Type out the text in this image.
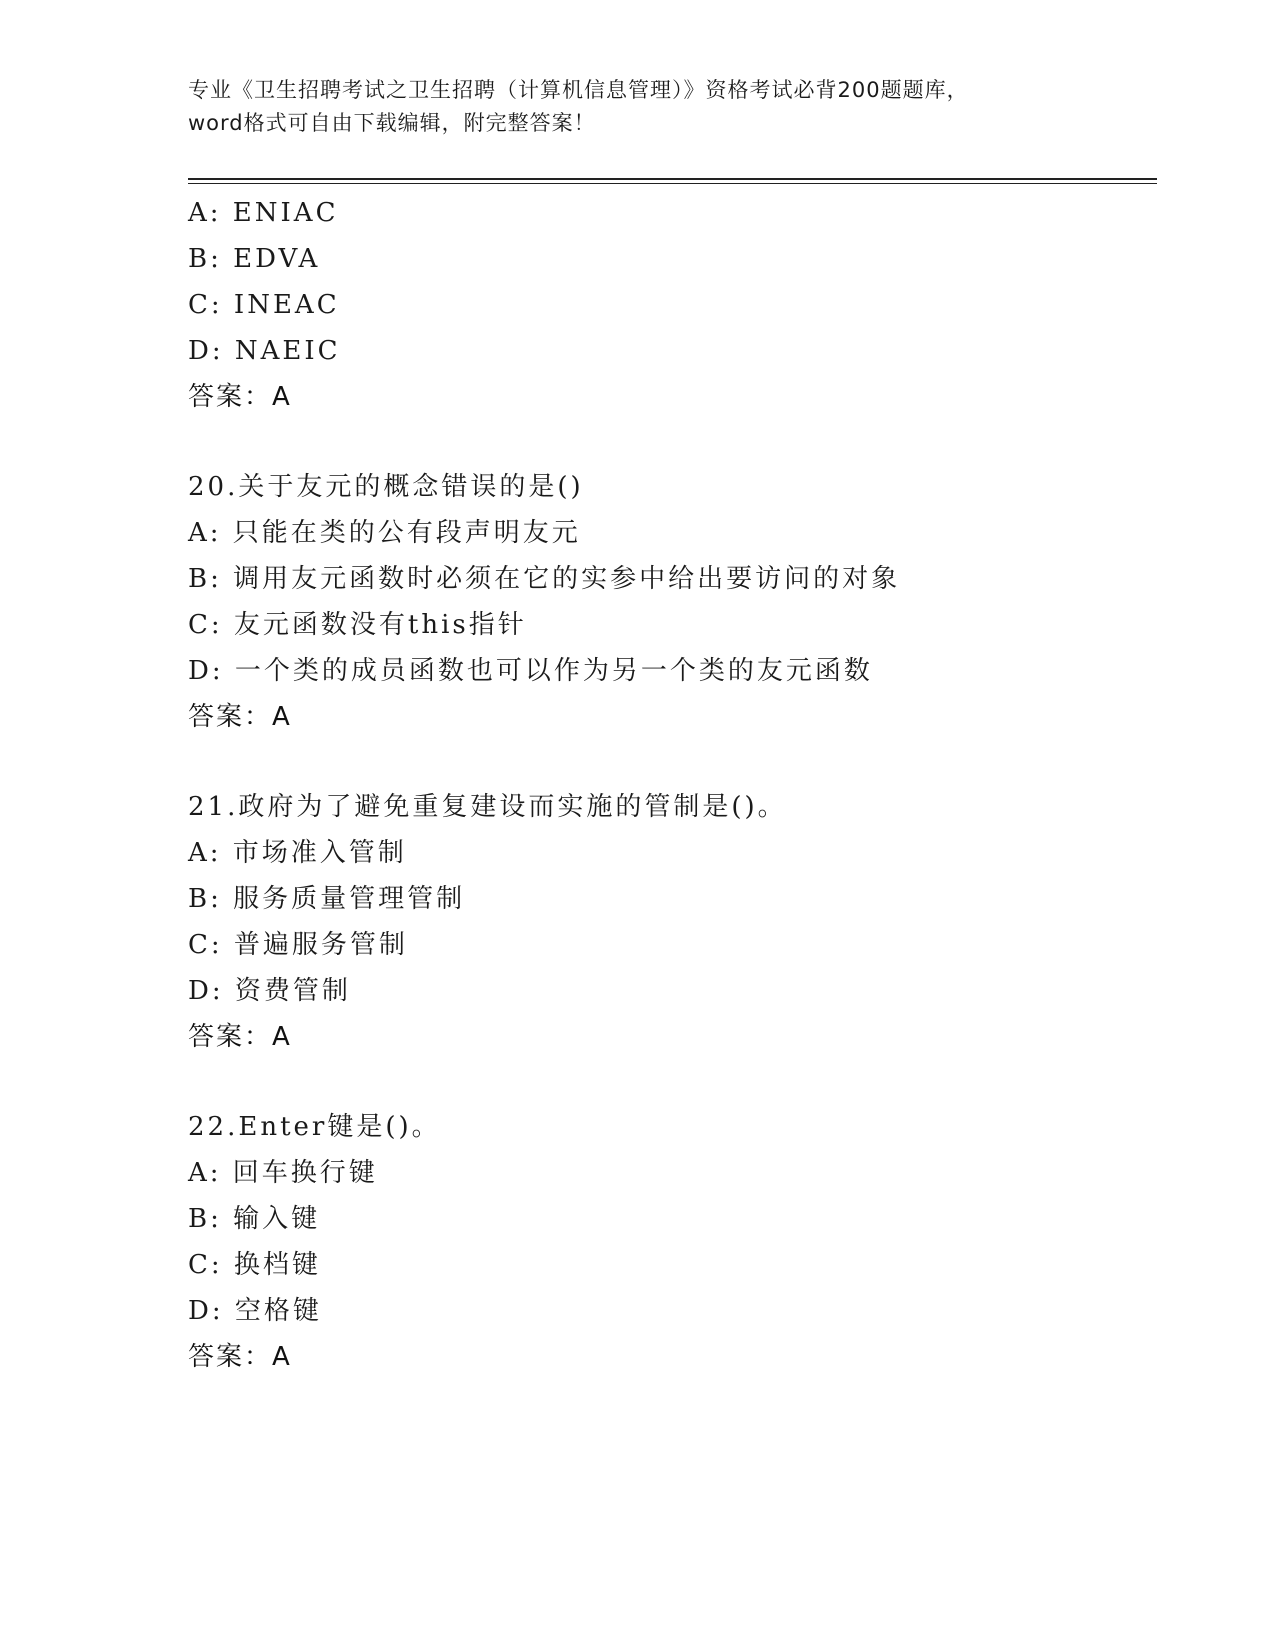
专业《卫生招聘考试之卫生招聘（计算机信息管理）》资格考试必背200题题库，
word格式可自由下载编辑，附完整答案！
A: ENIAC
B: EDVA
C: INEAC
D: NAEIC
答案：A
20.关于友元的概念错误的是()
A: 只能在类的公有段声明友元
B: 调用友元函数时必须在它的实参中给出要访问的对象
C: 友元函数没有this指针
D: 一个类的成员函数也可以作为另一个类的友元函数
答案：A
21.政府为了避免重复建设而实施的管制是()。
A: 市场准入管制
B: 服务质量管理管制
C: 普遍服务管制
D: 资费管制
答案：A
22.Enter键是()。
A: 回车换行键
B: 输入键
C: 换档键
D: 空格键
答案：A
